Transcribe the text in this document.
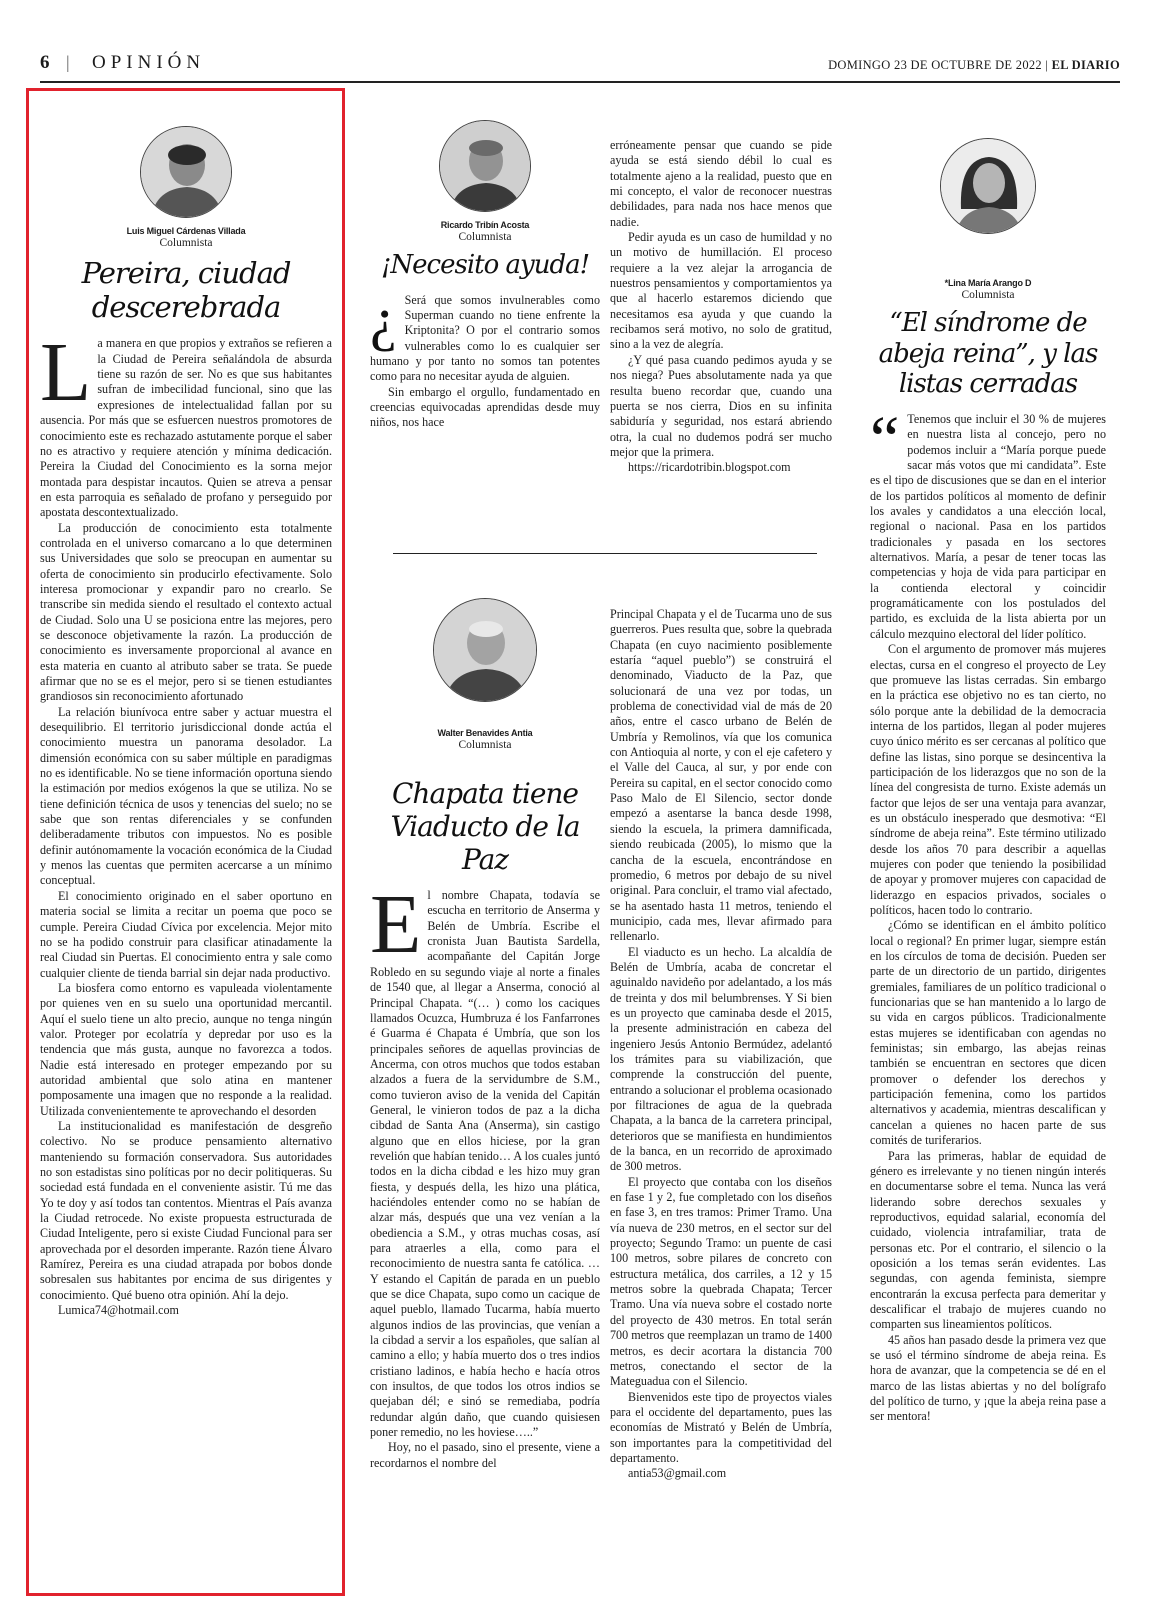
6 | OPINIÓN	DOMINGO 23 DE OCTUBRE DE 2022 | EL DIARIO
Luis Miguel Cárdenas Villada
Columnista
Pereira, ciudad descerebrada

La manera en que propios y extraños se refieren a la Ciudad de Pereira señalándola de absurda tiene su razón de ser. No es que sus habitantes sufran de imbecilidad funcional, sino que las expresiones de intelectualidad fallan por su ausencia. Por más que se esfuercen nuestros promotores de conocimiento este es rechazado astutamente porque el saber no es atractivo y requiere atención y mínima dedicación. Pereira la Ciudad del Conocimiento es la sorna mejor montada para despistar incautos. Quien se atreva a pensar en esta parroquia es señalado de profano y perseguido por apostata descontextualizado.

La producción de conocimiento esta totalmente controlada en el universo comarcano a lo que determinen sus Universidades que solo se preocupan en aumentar su oferta de conocimiento sin producirlo efectivamente. Solo interesa promocionar y expandir paro no crearlo. Se transcribe sin medida siendo el resultado el contexto actual de Ciudad. Solo una U se posiciona entre las mejores, pero se desconoce objetivamente la razón. La producción de conocimiento es inversamente proporcional al avance en esta materia en cuanto al atributo saber se trata. Se puede afirmar que no se es el mejor, pero si se tienen estudiantes grandiosos sin reconocimiento afortunado

La relación biunívoca entre saber y actuar muestra el desequilibrio. El territorio jurisdiccional donde actúa el conocimiento muestra un panorama desolador. La dimensión económica con su saber múltiple en paradigmas no es identificable. No se tiene información oportuna siendo la estimación por medios exógenos la que se utiliza. No se tiene definición técnica de usos y tenencias del suelo; no se sabe que son rentas diferenciales y se confunden deliberadamente tributos con impuestos. No es posible definir autónomamente la vocación económica de la Ciudad y menos las cuentas que permiten acercarse a un mínimo conceptual.

El conocimiento originado en el saber oportuno en materia social se limita a recitar un poema que poco se cumple. Pereira Ciudad Cívica por excelencia. Mejor mito no se ha podido construir para clasificar atinadamente la real Ciudad sin Puertas. El conocimiento entra y sale como cualquier cliente de tienda barrial sin dejar nada productivo.

La biosfera como entorno es vapuleada violentamente por quienes ven en su suelo una oportunidad mercantil. Aquí el suelo tiene un alto precio, aunque no tenga ningún valor. Proteger por ecolatría y depredar por uso es la tendencia que más gusta, aunque no favorezca a todos. Nadie está interesado en proteger empezando por su autoridad ambiental que solo atina en mantener pomposamente una imagen que no responde a la realidad. Utilizada convenientemente te aprovechando el desorden

La institucionalidad es manifestación de desgreño colectivo. No se produce pensamiento alternativo manteniendo su formación conservadora. Sus autoridades no son estadistas sino políticas por no decir politiqueras. Su sociedad está fundada en el conveniente asistir. Tú me das Yo te doy y así todos tan contentos. Mientras el País avanza la Ciudad retrocede. No existe propuesta estructurada de Ciudad Inteligente, pero si existe Ciudad Funcional para ser aprovechada por el desorden imperante. Razón tiene Álvaro Ramírez, Pereira es una ciudad atrapada por bobos donde sobresalen sus habitantes por encima de sus dirigentes y conocimiento. Qué bueno otra opinión. Ahí la dejo.

Lumica74@hotmail.com

Ricardo Tribín Acosta
Columnista
¡Necesito ayuda!

¿ Será que somos invulnerables como Superman cuando no tiene enfrente la Kriptonita? O por el contrario somos vulnerables como lo es cualquier ser humano y por tanto no somos tan potentes como para no necesitar ayuda de alguien.

Sin embargo el orgullo, fundamentado en creencias equivocadas aprendidas desde muy niños, nos hace

erróneamente pensar que cuando se pide ayuda se está siendo débil lo cual es totalmente ajeno a la realidad, puesto que en mi concepto, el valor de reconocer nuestras debilidades, para nada nos hace menos que nadie.

Pedir ayuda es un caso de humildad y no un motivo de humillación. El proceso requiere a la vez alejar la arrogancia de nuestros pensamientos y comportamientos ya que al hacerlo estaremos diciendo que necesitamos esa ayuda y que cuando la recibamos será motivo, no solo de gratitud, sino a la vez de alegría.

¿Y qué pasa cuando pedimos ayuda y se nos niega? Pues absolutamente nada ya que resulta bueno recordar que, cuando una puerta se nos cierra, Dios en su infinita sabiduría y seguridad, nos estará abriendo otra, la cual no dudemos podrá ser mucho mejor que la primera.

https://ricardotribin.blogspot.com

Walter Benavides Antia
Columnista
Chapata tiene Viaducto de la Paz

El nombre Chapata, todavía se escucha en territorio de Anserma y Belén de Umbría. Escribe el cronista Juan Bautista Sardella, acompañante del Capitán Jorge Robledo en su segundo viaje al norte a finales de 1540 que, al llegar a Anserma, conoció al Principal Chapata. “(… ) como los caciques llamados Ocuzca, Humbruza é los Fanfarrones é Guarma é Chapata é Umbría, que son los principales señores de aquellas provincias de Ancerma, con otros muchos que todos estaban alzados a fuera de la servidumbre de S.M., como tuvieron aviso de la venida del Capitán General, le vinieron todos de paz a la dicha cibdad de Santa Ana (Anserma), sin castigo alguno que en ellos hiciese, por la gran revelión que habían tenido… A los cuales juntó todos en la dicha cibdad e les hizo muy gran fiesta, y después della, les hizo una plática, haciéndoles entender como no se habían de alzar más, después que una vez venían a la obediencia a S.M., y otras muchas cosas, así para atraerles a ella, como para el reconocimiento de nuestra santa fe católica. … Y estando el Capitán de parada en un pueblo que se dice Chapata, supo como un cacique de aquel pueblo, llamado Tucarma, había muerto algunos indios de las provincias, que venían a la cibdad a servir a los españoles, que salían al camino a ello; y había muerto dos o tres indios cristiano ladinos, e había hecho e hacía otros con insultos, de que todos los otros indios se quejaban dél; e sinó se remediaba, podría redundar algún daño, que cuando quisiesen poner remedio, no les hoviese…..”

Hoy, no el pasado, sino el presente, viene a recordarnos el nombre del

Principal Chapata y el de Tucarma uno de sus guerreros. Pues resulta que, sobre la quebrada Chapata (en cuyo nacimiento posiblemente estaría “aquel pueblo”) se construirá el denominado, Viaducto de la Paz, que solucionará de una vez por todas, un problema de conectividad vial de más de 20 años, entre el casco urbano de Belén de Umbría y Remolinos, vía que los comunica con Antioquia al norte, y con el eje cafetero y el Valle del Cauca, al sur, y por ende con Pereira su capital, en el sector conocido como Paso Malo de El Silencio, sector donde empezó a asentarse la banca desde 1998, siendo la escuela, la primera damnificada, siendo reubicada (2005), lo mismo que la cancha de la escuela, encontrándose en promedio, 6 metros por debajo de su nivel original. Para concluir, el tramo vial afectado, se ha asentado hasta 11 metros, teniendo el municipio, cada mes, llevar afirmado para rellenarlo.

El viaducto es un hecho. La alcaldía de Belén de Umbría, acaba de concretar el aguinaldo navideño por adelantado, a los más de treinta y dos mil belumbrenses. Y Si bien es un proyecto que caminaba desde el 2015, la presente administración en cabeza del ingeniero Jesús Antonio Bermúdez, adelantó los trámites para su viabilización, que comprende la construcción del puente, entrando a solucionar el problema ocasionado por filtraciones de agua de la quebrada Chapata, a la banca de la carretera principal, deterioros que se manifiesta en hundimientos de la banca, en un recorrido de aproximado de 300 metros.

El proyecto que contaba con los diseños en fase 1 y 2, fue completado con los diseños en fase 3, en tres tramos: Primer Tramo. Una vía nueva de 230 metros, en el sector sur del proyecto; Segundo Tramo: un puente de casi 100 metros, sobre pilares de concreto con estructura metálica, dos carriles, a 12 y 15 metros sobre la quebrada Chapata; Tercer Tramo. Una vía nueva sobre el costado norte del proyecto de 430 metros. En total serán 700 metros que reemplazan un tramo de 1400 metros, es decir acortara la distancia 700 metros, conectando el sector de la Mateguadua con el Silencio.

Bienvenidos este tipo de proyectos viales para el occidente del departamento, pues las economías de Mistrató y Belén de Umbría, son importantes para la competitividad del departamento.

antia53@gmail.com

*Lina María Arango D
Columnista
“El síndrome de abeja reina”, y las listas cerradas

“ Tenemos que incluir el 30 % de mujeres en nuestra lista al concejo, pero no podemos incluir a “María porque puede sacar más votos que mi candidata”. Este es el tipo de discusiones que se dan en el interior de los partidos políticos al momento de definir los avales y candidatos a una elección local, regional o nacional. Pasa en los partidos tradicionales y pasada en los sectores alternativos. María, a pesar de tener tocas las competencias y hoja de vida para participar en la contienda electoral y coincidir programáticamente con los postulados del partido, es excluida de la lista abierta por un cálculo mezquino electoral del líder político.

Con el argumento de promover más mujeres electas, cursa en el congreso el proyecto de Ley que promueve las listas cerradas. Sin embargo en la práctica ese objetivo no es tan cierto, no sólo porque ante la debilidad de la democracia interna de los partidos, llegan al poder mujeres cuyo único mérito es ser cercanas al político que define las listas, sino porque se desincentiva la participación de los liderazgos que no son de la línea del congresista de turno. Existe además un factor que lejos de ser una ventaja para avanzar, es un obstáculo inesperado que desmotiva: “El síndrome de abeja reina”. Este término utilizado desde los años 70 para describir a aquellas mujeres con poder que teniendo la posibilidad de apoyar y promover mujeres con capacidad de liderazgo en espacios privados, sociales o políticos, hacen todo lo contrario.

¿Cómo se identifican en el ámbito político local o regional? En primer lugar, siempre están en los círculos de toma de decisión. Pueden ser parte de un directorio de un partido, dirigentes gremiales, familiares de un político tradicional o funcionarias que se han mantenido a lo largo de su vida en cargos públicos. Tradicionalmente estas mujeres se identificaban con agendas no feministas; sin embargo, las abejas reinas también se encuentran en sectores que dicen promover o defender los derechos y participación femenina, como los partidos alternativos y academia, mientras descalifican y cancelan a quienes no hacen parte de sus comités de turiferarios.

Para las primeras, hablar de equidad de género es irrelevante y no tienen ningún interés en documentarse sobre el tema. Nunca las verá liderando sobre derechos sexuales y reproductivos, equidad salarial, economía del cuidado, violencia intrafamiliar, trata de personas etc. Por el contrario, el silencio o la oposición a los temas serán evidentes. Las segundas, con agenda feminista, siempre encontrarán la excusa perfecta para demeritar y descalificar el trabajo de mujeres cuando no comparten sus lineamientos políticos.

45 años han pasado desde la primera vez que se usó el término síndrome de abeja reina. Es hora de avanzar, que la competencia se dé en el marco de las listas abiertas y no del bolígrafo del político de turno, y ¡que la abeja reina pase a ser mentora!
